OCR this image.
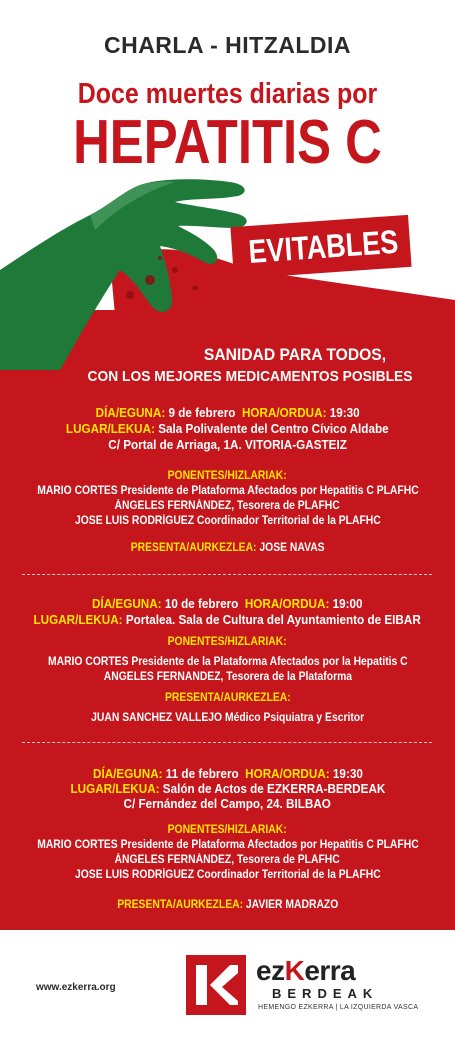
CHARLA - HITZALDIA
Doce muertes diarias por
HEPATITIS C
EVITABLES
SANIDAD PARA TODOS,
CON LOS MEJORES MEDICAMENTOS POSIBLES
DÍA/EGUNA: 9 de febrero HORA/ORDUA: 19:30
LUGAR/LEKUA: Sala Polivalente del Centro Cívico Aldabe
C/ Portal de Arriaga, 1A. VITORIA-GASTEIZ
PONENTES/HIZLARIAK:
MARIO CORTES Presidente de Plataforma Afectados por Hepatitis C PLAFHC
ÁNGELES FERNÁNDEZ, Tesorera de PLAFHC
JOSE LUIS RODRÍGUEZ Coordinador Territorial de la PLAFHC
PRESENTA/AURKEZLEA: JOSE NAVAS
DÍA/EGUNA: 10 de febrero HORA/ORDUA: 19:00
LUGAR/LEKUA: Portalea. Sala de Cultura del Ayuntamiento de EIBAR
PONENTES/HIZLARIAK:
MARIO CORTES Presidente de la Plataforma Afectados por la Hepatitis C
ANGELES FERNANDEZ, Tesorera de la Plataforma
PRESENTA/AURKEZLEA:
JUAN SANCHEZ VALLEJO Médico Psiquiatra y Escritor
DÍA/EGUNA: 11 de febrero HORA/ORDUA: 19:30
LUGAR/LEKUA: Salón de Actos de EZKERRA-BERDEAK
C/ Fernández del Campo, 24. BILBAO
PONENTES/HIZLARIAK:
MARIO CORTES Presidente de Plataforma Afectados por Hepatitis C PLAFHC
ÁNGELES FERNÁNDEZ, Tesorera de PLAFHC
JOSE LUIS RODRÍGUEZ Coordinador Territorial de la PLAFHC
PRESENTA/AURKEZLEA: JAVIER MADRAZO
www.ezkerra.org
ezKerra
BERDEAK
HEMENGO EZKERRA | LA IZQUIERDA VASCA
